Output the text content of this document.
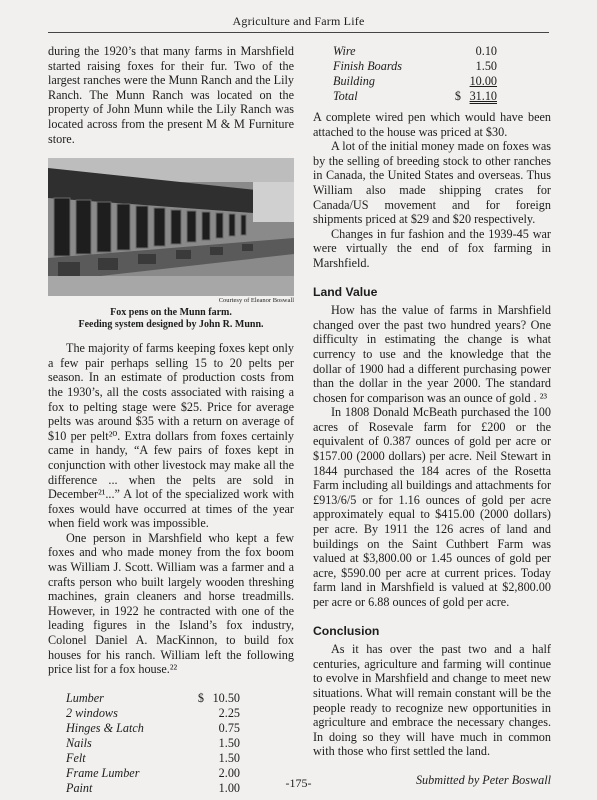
Agriculture and Farm Life

during the 1920’s that many farms in Marshfield started raising foxes for their fur. Two of the largest ranches were the Munn Ranch and the Lily Ranch. The Munn Ranch was located on the property of John Munn while the Lily Ranch was located across from the present M & M Furniture store.

Courtesy of Eleanor Boswall
Fox pens on the Munn farm.
Feeding system designed by John R. Munn.

The majority of farms keeping foxes kept only a few pair perhaps selling 15 to 20 pelts per season. In an estimate of production costs from the 1930’s, all the costs associated with raising a fox to pelting stage were $25. Price for average pelts was around $35 with a return on average of $10 per pelt²⁰. Extra dollars from foxes certainly came in handy, “A few pairs of foxes kept in conjunction with other livestock may make all the difference ... when the pelts are sold in December²¹...” A lot of the specialized work with foxes would have occurred at times of the year when field work was impossible.

One person in Marshfield who kept a few foxes and who made money from the fox boom was William J. Scott. William was a farmer and a crafts person who built largely wooden threshing machines, grain cleaners and horse treadmills. However, in 1922 he contracted with one of the leading figures in the Island’s fox industry, Colonel Daniel A. MacKinnon, to build fox houses for his ranch. William left the following price list for a fox house.²²

Lumber	$	10.50
2 windows		2.25
Hinges & Latch		0.75
Nails		1.50
Felt		1.50
Frame Lumber		2.00
Paint		1.00
Wire		0.10
Finish Boards		1.50
Building		10.00
Total	$	31.10

A complete wired pen which would have been attached to the house was priced at $30.

A lot of the initial money made on foxes was by the selling of breeding stock to other ranches in Canada, the United States and overseas. Thus William also made shipping crates for Canada/US movement and for foreign shipments priced at $29 and $20 respectively.

Changes in fur fashion and the 1939-45 war were virtually the end of fox farming in Marshfield.

Land Value

How has the value of farms in Marshfield changed over the past two hundred years? One difficulty in estimating the change is what currency to use and the knowledge that the dollar of 1900 had a different purchasing power than the dollar in the year 2000. The standard chosen for comparison was an ounce of gold . ²³

In 1808 Donald McBeath purchased the 100 acres of Rosevale farm for £200 or the equivalent of 0.387 ounces of gold per acre or $157.00 (2000 dollars) per acre. Neil Stewart in 1844 purchased the 184 acres of the Rosetta Farm including all buildings and attachments for £913/6/5 or for 1.16 ounces of gold per acre approximately equal to $415.00 (2000 dollars) per acre. By 1911 the 126 acres of land and buildings on the Saint Cuthbert Farm was valued at $3,800.00 or 1.45 ounces of gold per acre, $590.00 per acre at current prices. Today farm land in Marshfield is valued at $2,800.00 per acre or 6.88 ounces of gold per acre.

Conclusion

As it has over the past two and a half centuries, agriculture and farming will continue to evolve in Marshfield and change to meet new situations. What will remain constant will be the people ready to recognize new opportunities in agriculture and embrace the necessary changes. In doing so they will have much in common with those who first settled the land.

Submitted by Peter Boswall
-175-
